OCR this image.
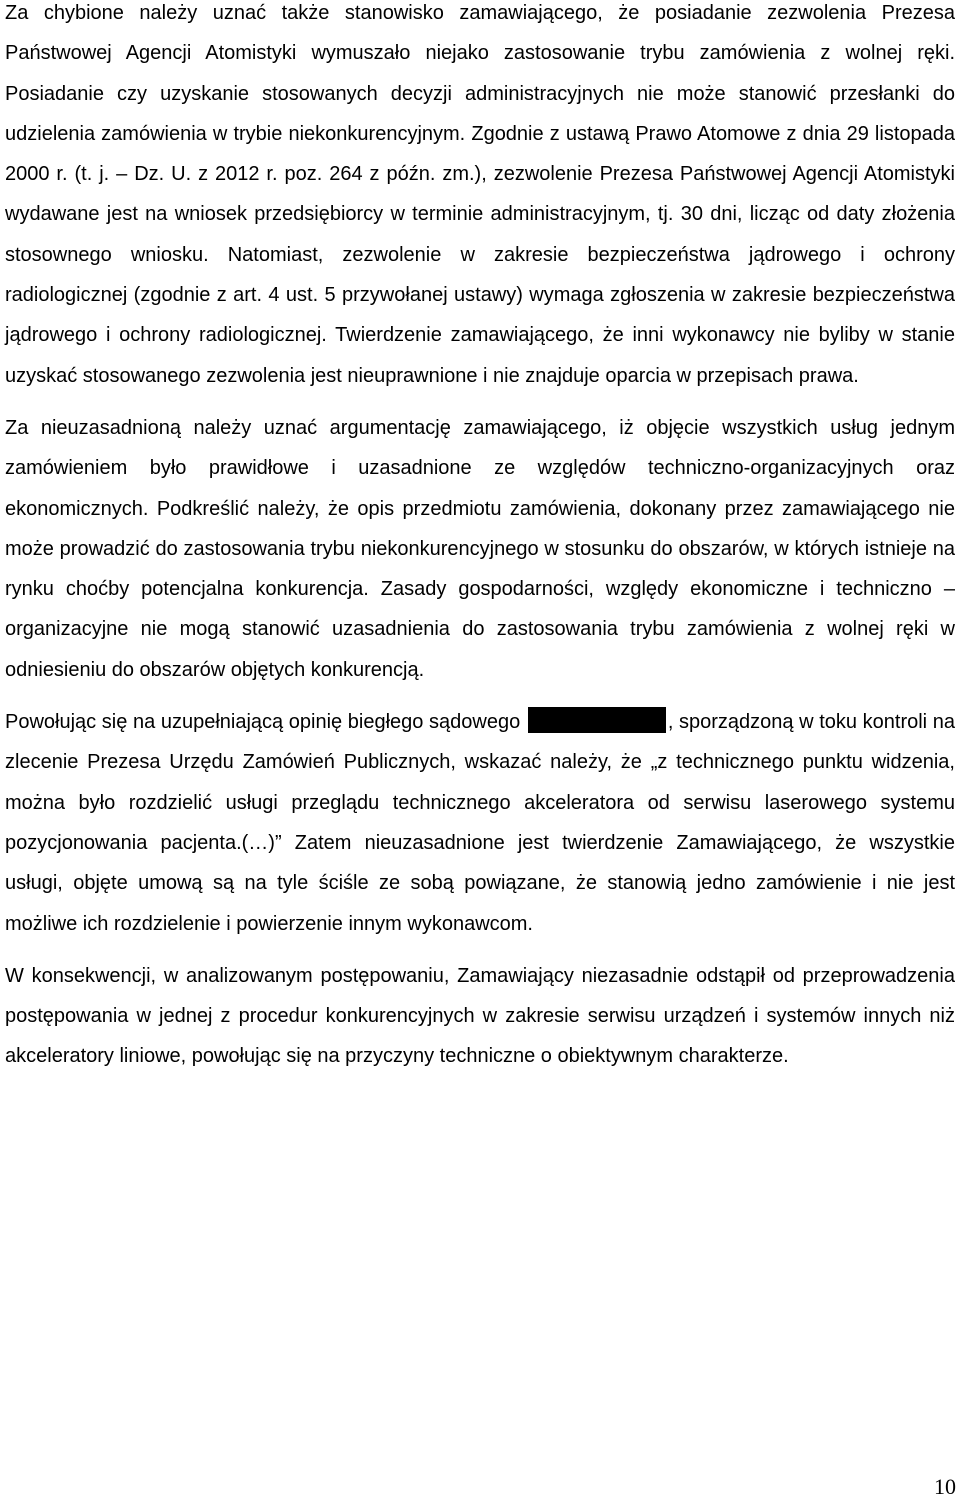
Za chybione należy uznać także stanowisko zamawiającego, że posiadanie zezwolenia Prezesa Państwowej Agencji Atomistyki wymuszało niejako zastosowanie trybu zamówienia z wolnej ręki. Posiadanie czy uzyskanie stosowanych decyzji administracyjnych nie może stanowić przesłanki do udzielenia zamówienia w trybie niekonkurencyjnym. Zgodnie z ustawą Prawo Atomowe z dnia 29 listopada 2000 r. (t. j. – Dz. U. z 2012 r. poz. 264 z późn. zm.), zezwolenie Prezesa Państwowej Agencji Atomistyki wydawane jest na wniosek przedsiębiorcy w terminie administracyjnym, tj. 30 dni, licząc od daty złożenia stosownego wniosku. Natomiast, zezwolenie w zakresie bezpieczeństwa jądrowego i ochrony radiologicznej (zgodnie z art. 4 ust. 5 przywołanej ustawy) wymaga zgłoszenia w zakresie bezpieczeństwa jądrowego i ochrony radiologicznej. Twierdzenie zamawiającego, że inni wykonawcy nie byliby w stanie uzyskać stosowanego zezwolenia jest nieuprawnione i nie znajduje oparcia w przepisach prawa.

Za nieuzasadnioną należy uznać argumentację zamawiającego, iż objęcie wszystkich usług jednym zamówieniem było prawidłowe i uzasadnione ze względów techniczno-organizacyjnych oraz ekonomicznych. Podkreślić należy, że opis przedmiotu zamówienia, dokonany przez zamawiającego nie może prowadzić do zastosowania trybu niekonkurencyjnego w stosunku do obszarów, w których istnieje na rynku choćby potencjalna konkurencja. Zasady gospodarności, względy ekonomiczne i techniczno – organizacyjne nie mogą stanowić uzasadnienia do zastosowania trybu zamówienia z wolnej ręki w odniesieniu do obszarów objętych konkurencją.

Powołując się na uzupełniającą opinię biegłego sądowego	, sporządzoną w toku kontroli na zlecenie Prezesa Urzędu Zamówień Publicznych, wskazać należy, że „z technicznego punktu widzenia, można było rozdzielić usługi przeglądu technicznego akceleratora od serwisu laserowego systemu pozycjonowania pacjenta.(…)” Zatem nieuzasadnione jest twierdzenie Zamawiającego, że wszystkie usługi, objęte umową są na tyle ściśle ze sobą powiązane, że stanowią jedno zamówienie i nie jest możliwe ich rozdzielenie i powierzenie innym wykonawcom.

W konsekwencji, w analizowanym postępowaniu, Zamawiający niezasadnie odstąpił od przeprowadzenia postępowania w jednej z procedur konkurencyjnych w zakresie serwisu urządzeń i systemów innych niż akceleratory liniowe, powołując się na przyczyny techniczne o obiektywnym charakterze.

10
